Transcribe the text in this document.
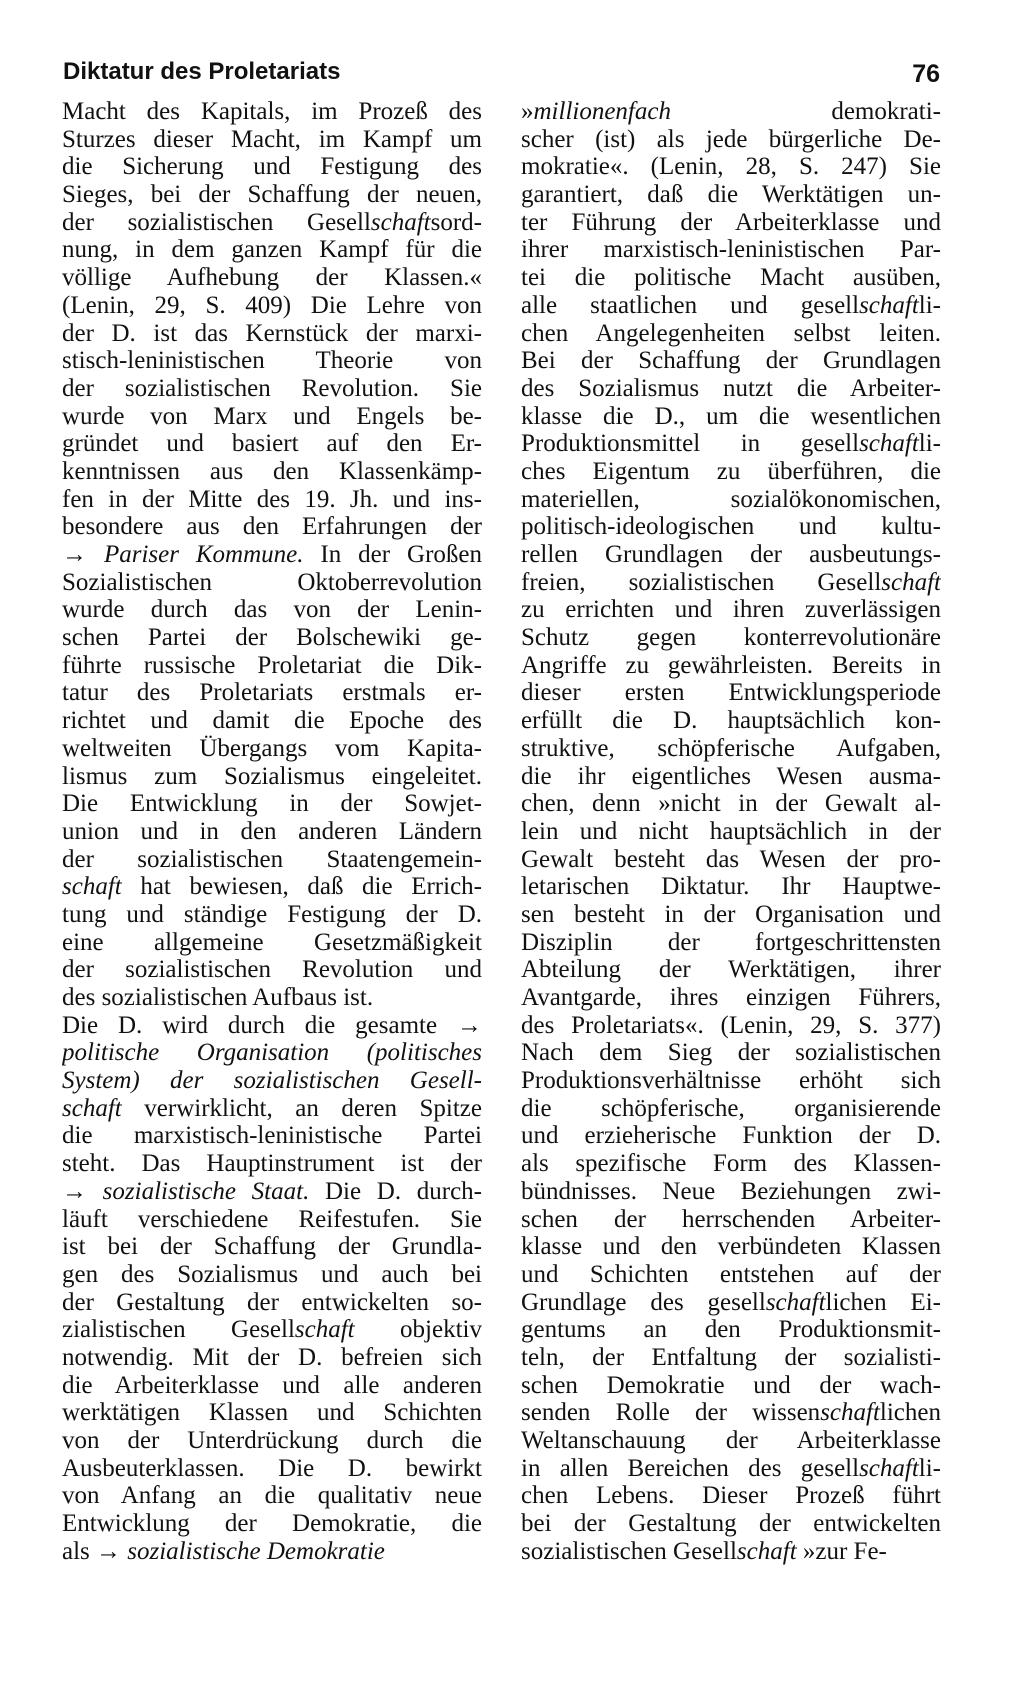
Diktatur des Proletariats	76
Macht des Kapitals, im Prozeß des
Sturzes dieser Macht, im Kampf um
die Sicherung und Festigung des
Sieges, bei der Schaffung der neuen,
der sozialistischen Gesellschaftsord-
nung, in dem ganzen Kampf für die
völlige Aufhebung der Klassen.«
(Lenin, 29, S. 409) Die Lehre von
der D. ist das Kernstück der marxi-
stisch-leninistischen Theorie von
der sozialistischen Revolution. Sie
wurde von Marx und Engels be-
gründet und basiert auf den Er-
kenntnissen aus den Klassenkämp-
fen in der Mitte des 19. Jh. und ins-
besondere aus den Erfahrungen der
→ Pariser Kommune. In der Großen
Sozialistischen Oktoberrevolution
wurde durch das von der Lenin-
schen Partei der Bolschewiki ge-
führte russische Proletariat die Dik-
tatur des Proletariats erstmals er-
richtet und damit die Epoche des
weltweiten Übergangs vom Kapita-
lismus zum Sozialismus eingeleitet.
Die Entwicklung in der Sowjet-
union und in den anderen Ländern
der sozialistischen Staatengemein-
schaft hat bewiesen, daß die Errich-
tung und ständige Festigung der D.
eine allgemeine Gesetzmäßigkeit
der sozialistischen Revolution und
des sozialistischen Aufbaus ist.
Die D. wird durch die gesamte →
politische Organisation (politisches
System) der sozialistischen Gesell-
schaft verwirklicht, an deren Spitze
die marxistisch-leninistische Partei
steht. Das Hauptinstrument ist der
→ sozialistische Staat. Die D. durch-
läuft verschiedene Reifestufen. Sie
ist bei der Schaffung der Grundla-
gen des Sozialismus und auch bei
der Gestaltung der entwickelten so-
zialistischen Gesellschaft objektiv
notwendig. Mit der D. befreien sich
die Arbeiterklasse und alle anderen
werktätigen Klassen und Schichten
von der Unterdrückung durch die
Ausbeuterklassen. Die D. bewirkt
von Anfang an die qualitativ neue
Entwicklung der Demokratie, die
als → sozialistische Demokratie
»millionenfach demokrati-
scher (ist) als jede bürgerliche De-
mokratie«. (Lenin, 28, S. 247) Sie
garantiert, daß die Werktätigen un-
ter Führung der Arbeiterklasse und
ihrer marxistisch-leninistischen Par-
tei die politische Macht ausüben,
alle staatlichen und gesellschaftli-
chen Angelegenheiten selbst leiten.
Bei der Schaffung der Grundlagen
des Sozialismus nutzt die Arbeiter-
klasse die D., um die wesentlichen
Produktionsmittel in gesellschaftli-
ches Eigentum zu überführen, die
materiellen, sozialökonomischen,
politisch-ideologischen und kultu-
rellen Grundlagen der ausbeutungs-
freien, sozialistischen Gesellschaft
zu errichten und ihren zuverlässigen
Schutz gegen konterrevolutionäre
Angriffe zu gewährleisten. Bereits in
dieser ersten Entwicklungsperiode
erfüllt die D. hauptsächlich kon-
struktive, schöpferische Aufgaben,
die ihr eigentliches Wesen ausma-
chen, denn »nicht in der Gewalt al-
lein und nicht hauptsächlich in der
Gewalt besteht das Wesen der pro-
letarischen Diktatur. Ihr Hauptwe-
sen besteht in der Organisation und
Disziplin der fortgeschrittensten
Abteilung der Werktätigen, ihrer
Avantgarde, ihres einzigen Führers,
des Proletariats«. (Lenin, 29, S. 377)
Nach dem Sieg der sozialistischen
Produktionsverhältnisse erhöht sich
die schöpferische, organisierende
und erzieherische Funktion der D.
als spezifische Form des Klassen-
bündnisses. Neue Beziehungen zwi-
schen der herrschenden Arbeiter-
klasse und den verbündeten Klassen
und Schichten entstehen auf der
Grundlage des gesellschaftlichen Ei-
gentums an den Produktionsmit-
teln, der Entfaltung der sozialisti-
schen Demokratie und der wach-
senden Rolle der wissenschaftlichen
Weltanschauung der Arbeiterklasse
in allen Bereichen des gesellschaftli-
chen Lebens. Dieser Prozeß führt
bei der Gestaltung der entwickelten
sozialistischen Gesellschaft »zur Fe-
